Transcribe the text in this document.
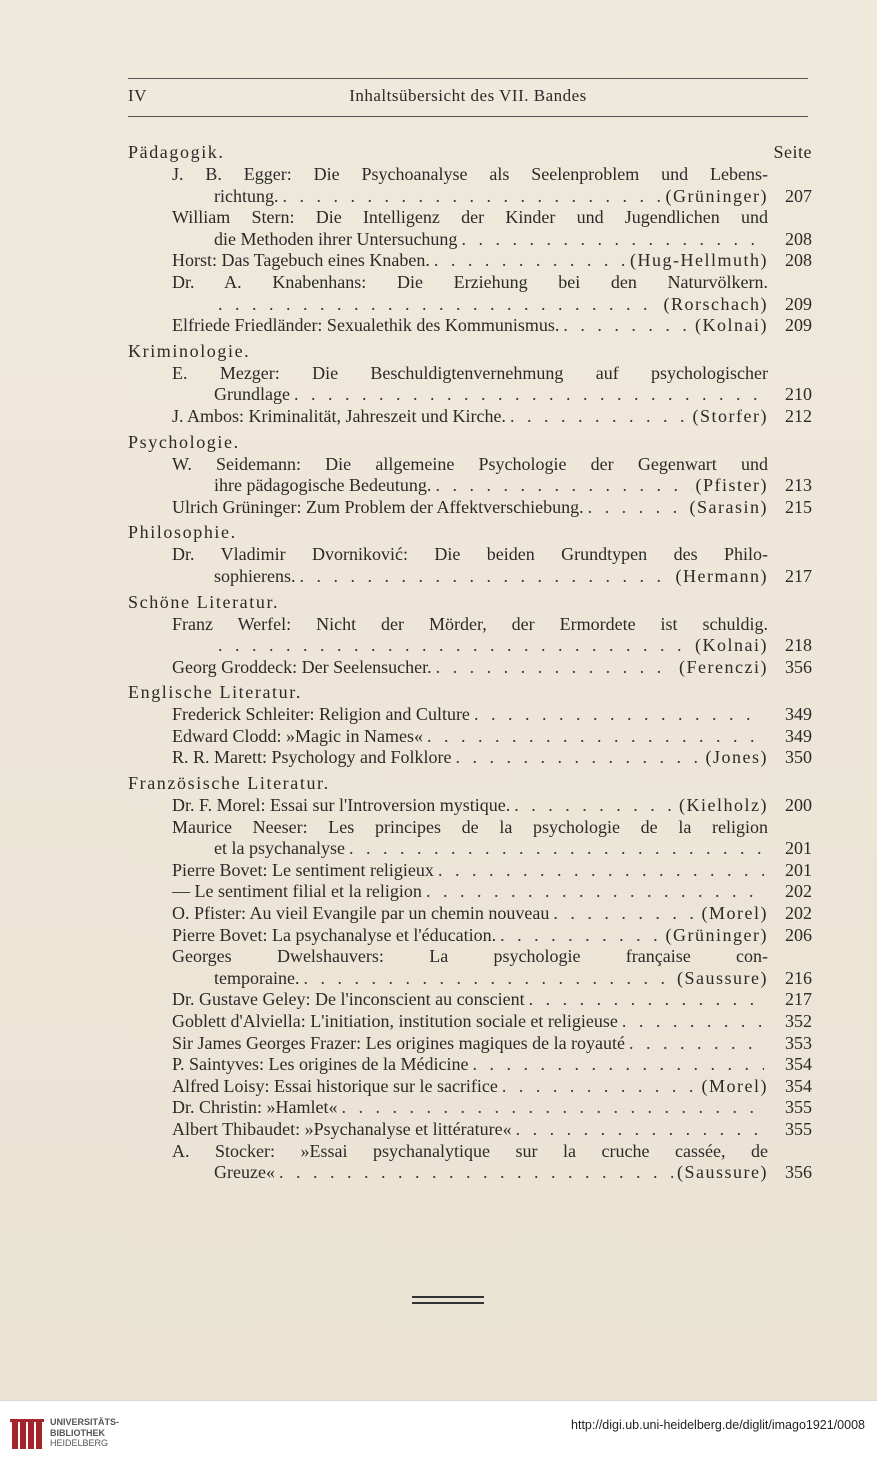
IV	Inhaltsübersicht des VII. Bandes
Pädagogik.	Seite
J. B. Egger: Die Psychoanalyse als Seelenproblem und Lebens-
richtung. . . .	(Grüninger) 207
William Stern: Die Intelligenz der Kinder und Jugendlichen und
die Methoden ihrer Untersuchung . . .	208
Horst: Das Tagebuch eines Knaben. . . .	(Hug-Hellmuth) 208
Dr. A. Knabenhans: Die Erziehung bei den Naturvölkern.
. . .
(Rorschach) 209
Elfriede Friedländer: Sexualethik des Kommunismus. . . .	(Kolnai) 209
Kriminologie.
E. Mezger: Die Beschuldigtenvernehmung auf psychologischer
Grundlage . . .	210
J. Ambos: Kriminalität, Jahreszeit und Kirche. . . .	(Storfer) 212
Psychologie.
W. Seidemann: Die allgemeine Psychologie der Gegenwart und
ihre pädagogische Bedeutung. . . .	(Pfister) 213
Ulrich Grüninger: Zum Problem der Affektverschiebung. . . .	(Sarasin) 215
Philosophie.
Dr. Vladimir Dvorniković: Die beiden Grundtypen des Philo-
sophierens. . . .	(Hermann) 217
Schöne Literatur.
Franz Werfel: Nicht der Mörder, der Ermordete ist schuldig.
. . .
(Kolnai) 218
Georg Groddeck: Der Seelensucher. . . .	(Ferenczi) 356
Englische Literatur.
Frederick Schleiter: Religion and Culture . . .	349
Edward Clodd: »Magic in Names« . . .	349
R. R. Marett: Psychology and Folklore . . .	(Jones) 350
Französische Literatur.
Dr. F. Morel: Essai sur l'Introversion mystique. . . .	(Kielholz) 200
Maurice Neeser: Les principes de la psychologie de la religion
et la psychanalyse . . .	201
Pierre Bovet: Le sentiment religieux . . .	201
— Le sentiment filial et la religion . . .	202
O. Pfister: Au vieil Evangile par un chemin nouveau . . .	(Morel) 202
Pierre Bovet: La psychanalyse et l'éducation. . . .	(Grüninger) 206
Georges Dwelshauvers: La psychologie française con-
temporaine. . . .	(Saussure) 216
Dr. Gustave Geley: De l'inconscient au conscient . . .	217
Goblett d'Alviella: L'initiation, institution sociale et religieuse . . .	352
Sir James Georges Frazer: Les origines magiques de la royauté . . .	353
P. Saintyves: Les origines de la Médicine . . .	354
Alfred Loisy: Essai historique sur le sacrifice . . .	(Morel) 354
Dr. Christin: »Hamlet« . . .	355
Albert Thibaudet: »Psychanalyse et littérature« . . .	355
A. Stocker: »Essai psychanalytique sur la cruche cassée, de
Greuze« . . .	(Saussure) 356
UNIVERSITÄTS-
BIBLIOTHEK
HEIDELBERG
http://digi.ub.uni-heidelberg.de/diglit/imago1921/0008
